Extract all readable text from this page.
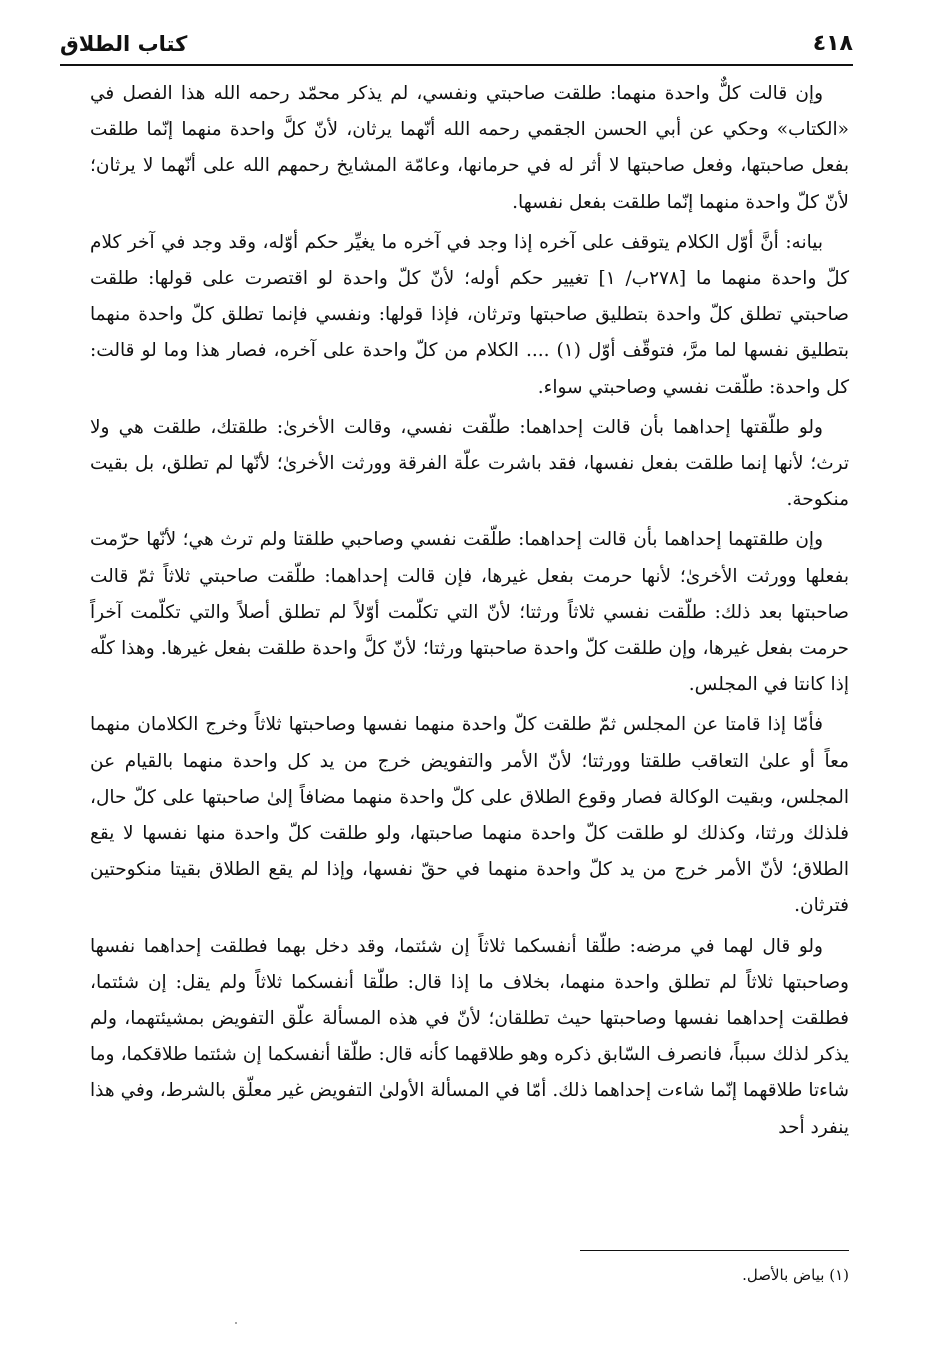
٤١٨
كتاب الطلاق

وإن قالت كلٌّ واحدة منهما: طلقت صاحبتي ونفسي، لم يذكر محمّد رحمه الله هذا الفصل في «الكتاب» وحكي عن أبي الحسن الجقمي رحمه الله أنّهما يرثان، لأنّ كلَّ واحدة منهما إنّما طلقت بفعل صاحبتها، وفعل صاحبتها لا أثر له في حرمانها، وعامّة المشايخ رحمهم الله على أنّهما لا يرثان؛ لأنّ كلّ واحدة منهما إنّما طلقت بفعل نفسها.

بيانه: أنَّ أوّل الكلام يتوقف على آخره إذا وجد في آخره ما يغيِّر حكم أوّله، وقد وجد في آخر كلام كلّ واحدة منهما ما [٢٧٨ب/ ١] تغيير حكم أوله؛ لأنّ كلّ واحدة لو اقتصرت على قولها: طلقت صاحبتي تطلق كلّ واحدة بتطليق صاحبتها وترثان، فإذا قولها: ونفسي فإنما تطلق كلّ واحدة منهما بتطليق نفسها لما مرَّ، فتوقّف أوّل (١) .... الكلام من كلّ واحدة على آخره، فصار هذا وما لو قالت: كل واحدة: طلّقت نفسي وصاحبتي سواء.

ولو طلّقتها إحداهما بأن قالت إحداهما: طلّقت نفسي، وقالت الأخرىٰ: طلقتك، طلقت هي ولا ترث؛ لأنها إنما طلقت بفعل نفسها، فقد باشرت علّة الفرقة وورثت الأخرىٰ؛ لأنّها لم تطلق، بل بقيت منكوحة.

وإن طلقتهما إحداهما بأن قالت إحداهما: طلّقت نفسي وصاحبي طلقتا ولم ترث هي؛ لأنّها حرّمت بفعلها وورثت الأخرىٰ؛ لأنها حرمت بفعل غيرها، فإن قالت إحداهما: طلّقت صاحبتي ثلاثاً ثمّ قالت صاحبتها بعد ذلك: طلّقت نفسي ثلاثاً ورثتا؛ لأنّ التي تكلّمت أوّلاً لم تطلق أصلاً والتي تكلّمت آخراً حرمت بفعل غيرها، وإن طلقت كلّ واحدة صاحبتها ورثتا؛ لأنّ كلَّ واحدة طلقت بفعل غيرها. وهذا كلّه إذا كانتا في المجلس.

فأمّا إذا قامتا عن المجلس ثمّ طلقت كلّ واحدة منهما نفسها وصاحبتها ثلاثاً وخرج الكلامان منهما معاً أو علىٰ التعاقب طلقتا وورثتا؛ لأنّ الأمر والتفويض خرج من يد كل واحدة منهما بالقيام عن المجلس، وبقيت الوكالة فصار وقوع الطلاق على كلّ واحدة منهما مضافاً إلىٰ صاحبتها على كلّ حال، فلذلك ورثتا، وكذلك لو طلقت كلّ واحدة منهما صاحبتها، ولو طلقت كلّ واحدة منها نفسها لا يقع الطلاق؛ لأنّ الأمر خرج من يد كلّ واحدة منهما في حقّ نفسها، وإذا لم يقع الطلاق بقيتا منكوحتين فترثان.

ولو قال لهما في مرضه: طلّقا أنفسكما ثلاثاً إن شئتما، وقد دخل بهما فطلقت إحداهما نفسها وصاحبتها ثلاثاً لم تطلق واحدة منهما، بخلاف ما إذا قال: طلّقا أنفسكما ثلاثاً ولم يقل: إن شئتما، فطلقت إحداهما نفسها وصاحبتها حيث تطلقان؛ لأنّ في هذه المسألة علّق التفويض بمشيئتهما، ولم يذكر لذلك سبباً، فانصرف السّابق ذكره وهو طلاقهما كأنه قال: طلّقا أنفسكما إن شئتما طلاقكما، وما شاءتا طلاقهما إنّما شاءت إحداهما ذلك. أمّا في المسألة الأولىٰ التفويض غير معلّق بالشرط، وفي هذا ينفرد أحد

(١) بياض بالأصل.
